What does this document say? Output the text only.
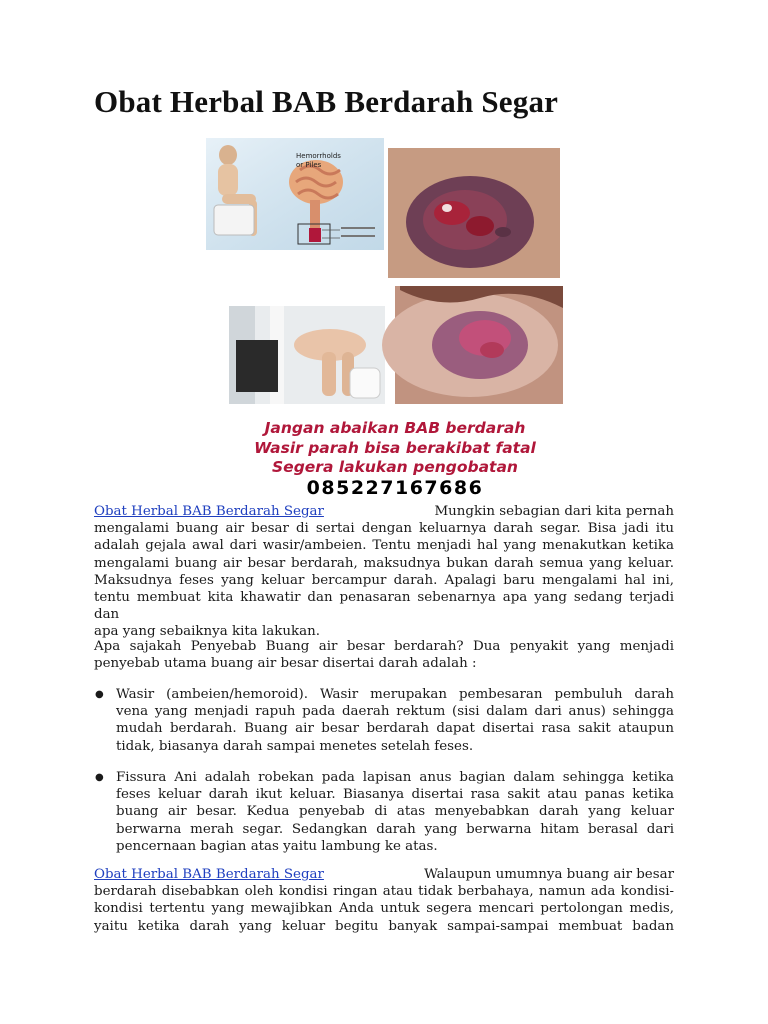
Obat Herbal BAB Berdarah Segar
Hemorrholds
or Piles
Jangan abaikan BAB berdarah
Wasir parah bisa berakibat fatal
Segera lakukan pengobatan
085227167686
Obat Herbal BAB Berdarah Segar	Mungkin sebagian dari kita pernah
mengalami buang air besar di sertai dengan keluarnya darah segar. Bisa jadi itu
adalah gejala awal dari wasir/ambeien. Tentu menjadi hal yang menakutkan ketika
mengalami buang air besar berdarah, maksudnya bukan darah semua yang keluar.
Maksudnya feses yang keluar bercampur darah. Apalagi baru mengalami hal ini,
tentu membuat kita khawatir dan penasaran sebenarnya apa yang sedang terjadi dan
apa yang sebaiknya kita lakukan.
Apa sajakah Penyebab Buang air besar berdarah? Dua penyakit yang menjadi
penyebab utama buang air besar disertai darah adalah :
● Wasir (ambeien/hemoroid). Wasir merupakan pembesaran pembuluh darah
vena yang menjadi rapuh pada daerah rektum (sisi dalam dari anus) sehingga
mudah berdarah. Buang air besar berdarah dapat disertai rasa sakit ataupun
tidak, biasanya darah sampai menetes setelah feses.
● Fissura Ani adalah robekan pada lapisan anus bagian dalam sehingga ketika
feses keluar darah ikut keluar. Biasanya disertai rasa sakit atau panas ketika
buang air besar. Kedua penyebab di atas menyebabkan darah yang keluar
berwarna merah segar. Sedangkan darah yang berwarna hitam berasal dari
pencernaan bagian atas yaitu lambung ke atas.
Obat Herbal BAB Berdarah Segar	Walaupun umumnya buang air besar
berdarah disebabkan oleh kondisi ringan atau tidak berbahaya, namun ada kondisi-
kondisi tertentu yang mewajibkan Anda untuk segera mencari pertolongan medis,
yaitu ketika darah yang keluar begitu banyak sampai-sampai membuat badan
